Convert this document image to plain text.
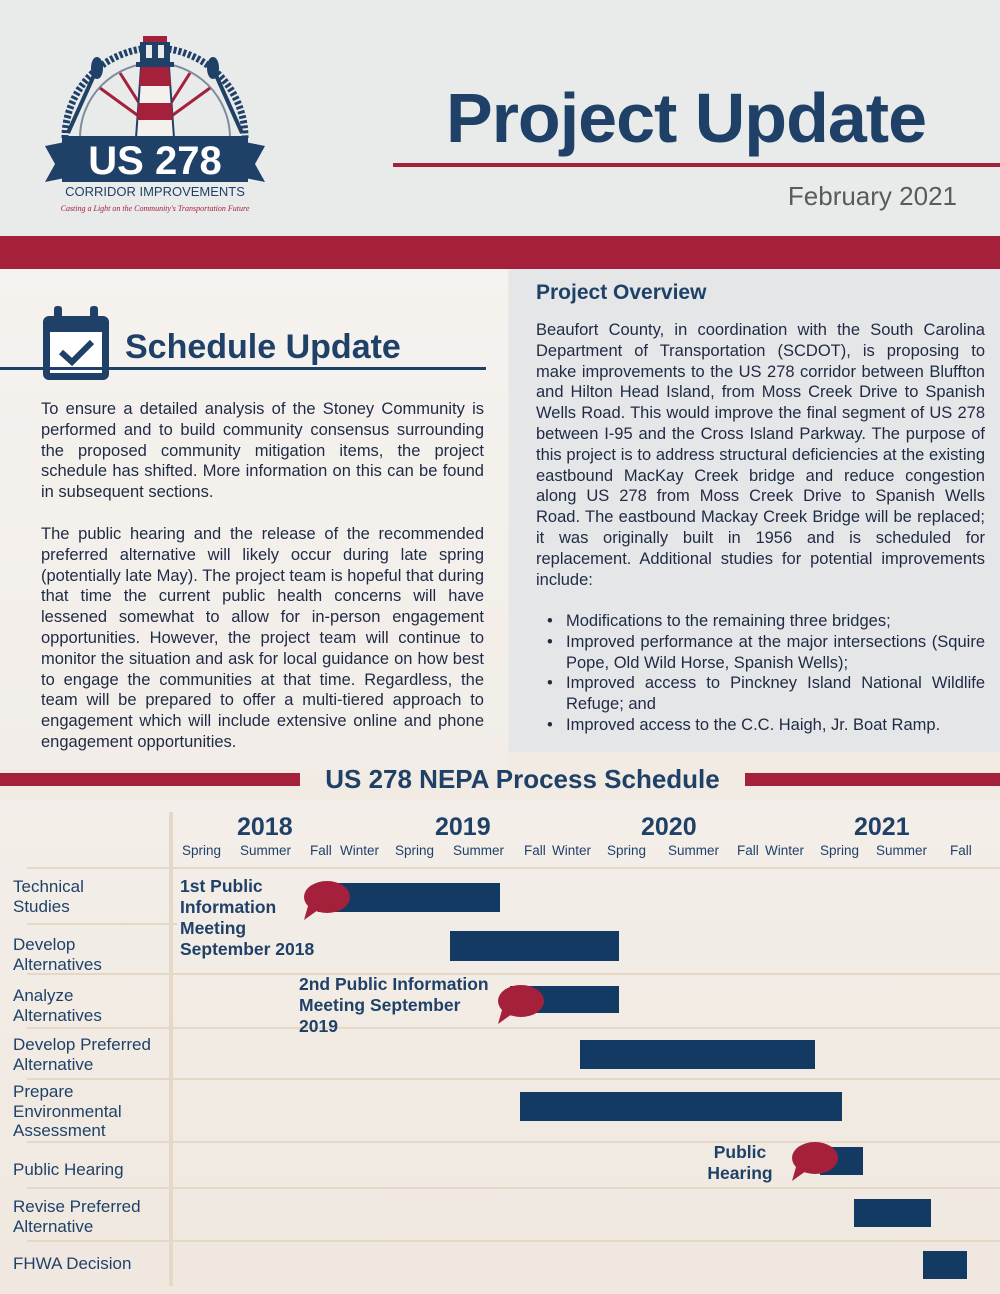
US 278
CORRIDOR IMPROVEMENTS
Casting a Light on the Community's Transportation Future
Project Update
February 2021
Schedule Update

To ensure a detailed analysis of the Stoney Community is performed and to build community consensus surrounding the proposed community mitigation items, the project schedule has shifted. More information on this can be found in subsequent sections.

The public hearing and the release of the recommended preferred alternative will likely occur during late spring (potentially late May). The project team is hopeful that during that time the current public health concerns will have lessened somewhat to allow for in-person engagement opportunities. However, the project team will continue to monitor the situation and ask for local guidance on how best to engage the communities at that time. Regardless, the team will be prepared to offer a multi-tiered approach to engagement which will include extensive online and phone engagement opportunities.

Project Overview

Beaufort County, in coordination with the South Carolina Department of Transportation (SCDOT), is proposing to make improvements to the US 278 corridor between Bluffton and Hilton Head Island, from Moss Creek Drive to Spanish Wells Road. This would improve the final segment of US 278 between I-95 and the Cross Island Parkway. The purpose of this project is to address structural deficiencies at the existing eastbound MacKay Creek bridge and reduce congestion along US 278 from Moss Creek Drive to Spanish Wells Road. The eastbound Mackay Creek Bridge will be replaced; it was originally built in 1956 and is scheduled for replacement. Additional studies for potential improvements include:

• Modifications to the remaining three bridges;
• Improved performance at the major intersections (Squire Pope, Old Wild Horse, Spanish Wells);
• Improved access to Pinckney Island National Wildlife Refuge; and
• Improved access to the C.C. Haigh, Jr. Boat Ramp.
US 278 NEPA Process Schedule
2018	2019	2020	2021
Spring Summer Fall Winter Spring Summer Fall Winter Spring Summer Fall Winter Spring Summer Fall
Technical Studies
Develop Alternatives
Analyze Alternatives
Develop Preferred Alternative
Prepare Environmental Assessment
Public Hearing
Revise Preferred Alternative
FHWA Decision
1st Public Information Meeting September 2018
2nd Public Information Meeting September 2019
Public Hearing
